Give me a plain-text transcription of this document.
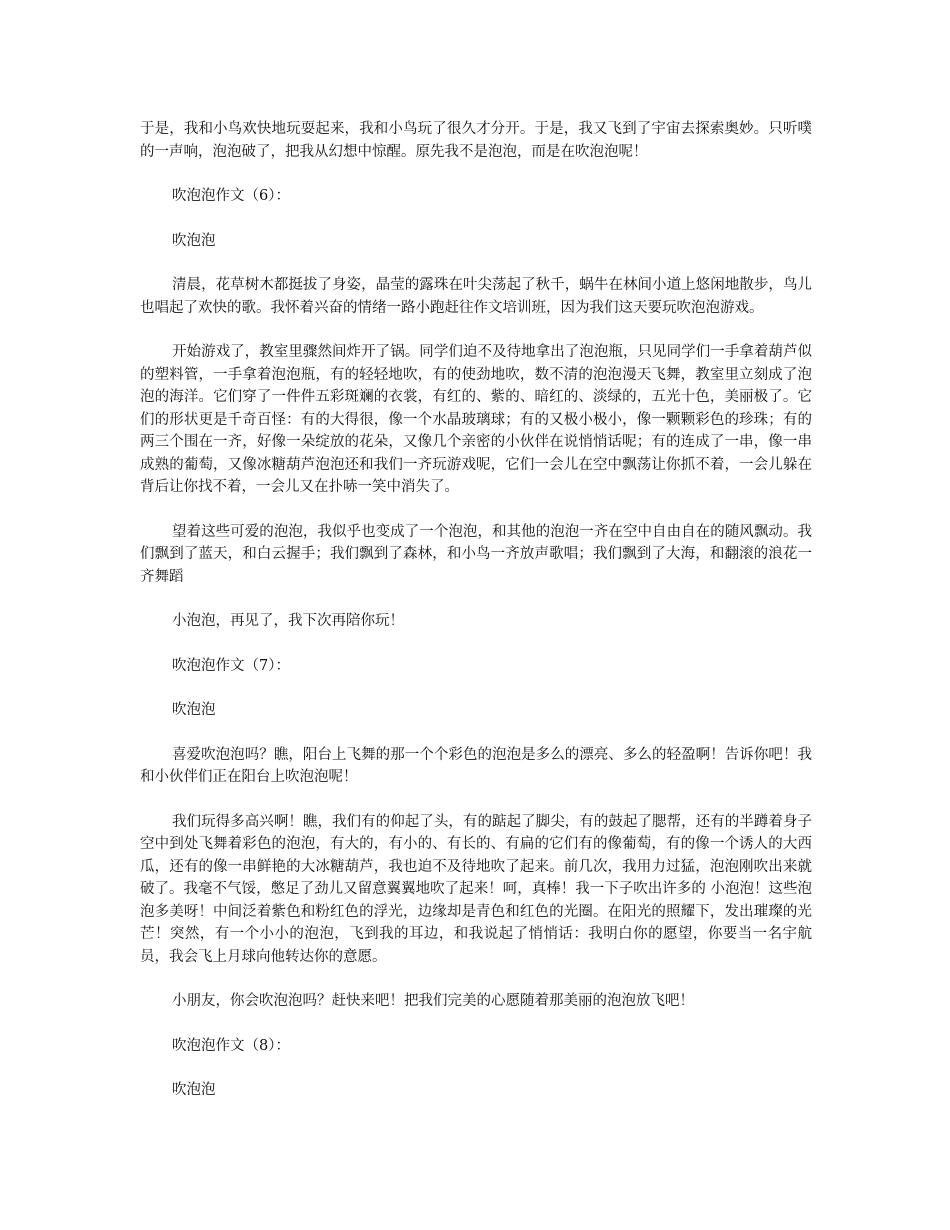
于是，我和小鸟欢快地玩耍起来，我和小鸟玩了很久才分开。于是，我又飞到了宇宙去探索奥妙。只听噗的一声响，泡泡破了，把我从幻想中惊醒。原先我不是泡泡，而是在吹泡泡呢！

吹泡泡作文（6）：

吹泡泡

清晨，花草树木都挺拔了身姿，晶莹的露珠在叶尖荡起了秋千，蜗牛在林间小道上悠闲地散步，鸟儿也唱起了欢快的歌。我怀着兴奋的情绪一路小跑赶往作文培训班，因为我们这天要玩吹泡泡游戏。

开始游戏了，教室里骤然间炸开了锅。同学们迫不及待地拿出了泡泡瓶，只见同学们一手拿着葫芦似的塑料管，一手拿着泡泡瓶，有的轻轻地吹，有的使劲地吹，数不清的泡泡漫天飞舞，教室里立刻成了泡泡的海洋。它们穿了一件件五彩斑斓的衣裳，有红的、紫的、暗红的、淡绿的，五光十色，美丽极了。它们的形状更是千奇百怪：有的大得很，像一个水晶玻璃球；有的又极小极小，像一颗颗彩色的珍珠；有的两三个围在一齐，好像一朵绽放的花朵，又像几个亲密的小伙伴在说悄悄话呢；有的连成了一串，像一串成熟的葡萄，又像冰糖葫芦泡泡还和我们一齐玩游戏呢，它们一会儿在空中飘荡让你抓不着，一会儿躲在背后让你找不着，一会儿又在扑哧一笑中消失了。

望着这些可爱的泡泡，我似乎也变成了一个泡泡，和其他的泡泡一齐在空中自由自在的随风飘动。我们飘到了蓝天，和白云握手；我们飘到了森林，和小鸟一齐放声歌唱；我们飘到了大海，和翻滚的浪花一齐舞蹈

小泡泡，再见了，我下次再陪你玩！

吹泡泡作文（7）：

吹泡泡

喜爱吹泡泡吗？瞧，阳台上飞舞的那一个个彩色的泡泡是多么的漂亮、多么的轻盈啊！告诉你吧！我和小伙伴们正在阳台上吹泡泡呢！

我们玩得多高兴啊！瞧，我们有的仰起了头，有的踮起了脚尖，有的鼓起了腮帮，还有的半蹲着身子空中到处飞舞着彩色的泡泡，有大的，有小的、有长的、有扁的它们有的像葡萄，有的像一个诱人的大西瓜，还有的像一串鲜艳的大冰糖葫芦，我也迫不及待地吹了起来。前几次，我用力过猛，泡泡刚吹出来就破了。我毫不气馁，憋足了劲儿又留意翼翼地吹了起来！呵，真棒！我一下子吹出许多的 小泡泡！这些泡泡多美呀！中间泛着紫色和粉红色的浮光，边缘却是青色和红色的光圈。在阳光的照耀下，发出璀璨的光芒！突然，有一个小小的泡泡，飞到我的耳边，和我说起了悄悄话：我明白你的愿望，你要当一名宇航员，我会飞上月球向他转达你的意愿。

小朋友，你会吹泡泡吗？赶快来吧！把我们完美的心愿随着那美丽的泡泡放飞吧！

吹泡泡作文（8）：

吹泡泡
